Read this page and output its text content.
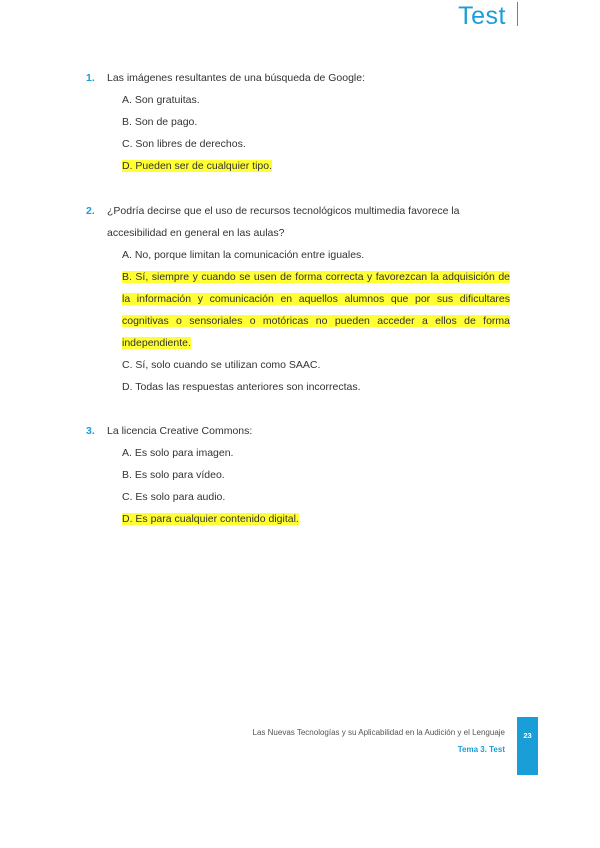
Test
1. Las imágenes resultantes de una búsqueda de Google:
A. Son gratuitas.
B. Son de pago.
C. Son libres de derechos.
D. Pueden ser de cualquier tipo.
2. ¿Podría decirse que el uso de recursos tecnológicos multimedia favorece la accesibilidad en general en las aulas?
A. No, porque limitan la comunicación entre iguales.
B. Sí, siempre y cuando se usen de forma correcta y favorezcan la adquisición de la información y comunicación en aquellos alumnos que por sus dificultares cognitivas o sensoriales o motóricas no pueden acceder a ellos de forma independiente.
C. Sí, solo cuando se utilizan como SAAC.
D. Todas las respuestas anteriores son incorrectas.
3. La licencia Creative Commons:
A. Es solo para imagen.
B. Es solo para vídeo.
C. Es solo para audio.
D. Es para cualquier contenido digital.
Las Nuevas Tecnologías y su Aplicabilidad en la Audición y el Lenguaje
Tema 3. Test
23
